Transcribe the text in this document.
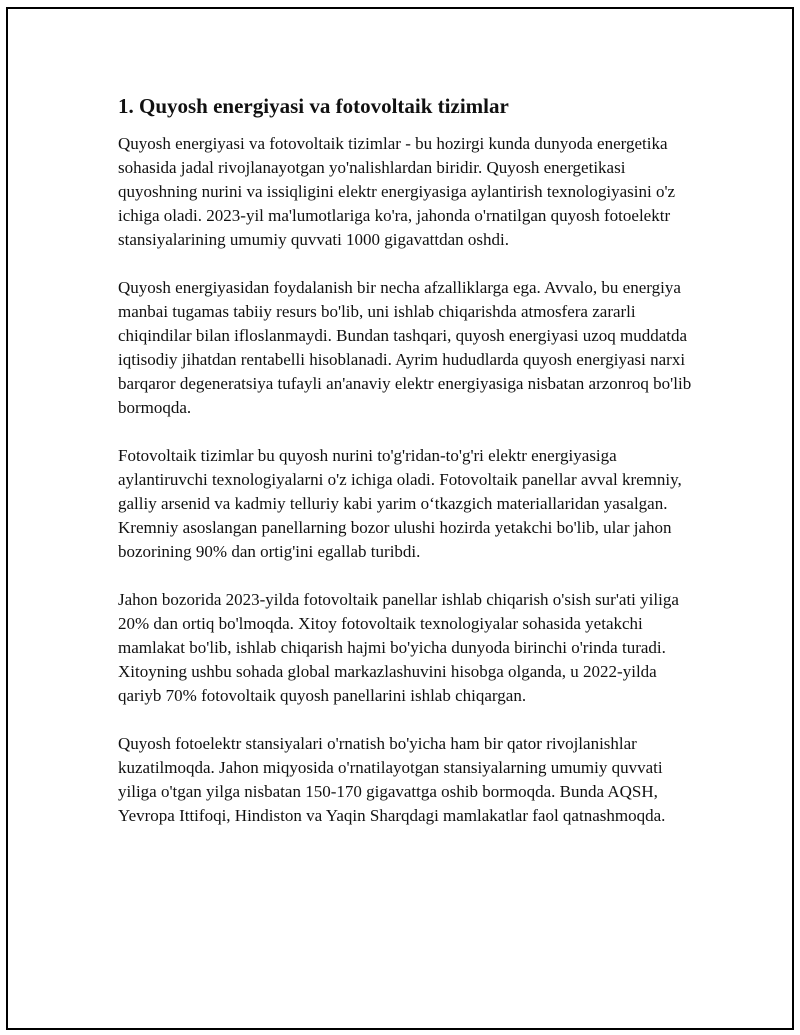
1. Quyosh energiyasi va fotovoltaik tizimlar

Quyosh energiyasi va fotovoltaik tizimlar - bu hozirgi kunda dunyoda energetika sohasida jadal rivojlanayotgan yo'nalishlardan biridir. Quyosh energetikasi quyoshning nurini va issiqligini elektr energiyasiga aylantirish texnologiyasini o'z ichiga oladi. 2023-yil ma'lumotlariga ko'ra, jahonda o'rnatilgan quyosh fotoelektr stansiyalarining umumiy quvvati 1000 gigavattdan oshdi.

Quyosh energiyasidan foydalanish bir necha afzalliklarga ega. Avvalo, bu energiya manbai tugamas tabiiy resurs bo'lib, uni ishlab chiqarishda atmosfera zararli chiqindilar bilan ifloslanmaydi. Bundan tashqari, quyosh energiyasi uzoq muddatda iqtisodiy jihatdan rentabelli hisoblanadi. Ayrim hududlarda quyosh energiyasi narxi barqaror degeneratsiya tufayli an'anaviy elektr energiyasiga nisbatan arzonroq bo'lib bormoqda.

Fotovoltaik tizimlar bu quyosh nurini to'g'ridan-to'g'ri elektr energiyasiga aylantiruvchi texnologiyalarni o'z ichiga oladi. Fotovoltaik panellar avval kremniy, galliy arsenid va kadmiy telluriy kabi yarim o‘tkazgich materiallaridan yasalgan. Kremniy asoslangan panellarning bozor ulushi hozirda yetakchi bo'lib, ular jahon bozorining 90% dan ortig'ini egallab turibdi.

Jahon bozorida 2023-yilda fotovoltaik panellar ishlab chiqarish o'sish sur'ati yiliga 20% dan ortiq bo'lmoqda. Xitoy fotovoltaik texnologiyalar sohasida yetakchi mamlakat bo'lib, ishlab chiqarish hajmi bo'yicha dunyoda birinchi o'rinda turadi. Xitoyning ushbu sohada global markazlashuvini hisobga olganda, u 2022-yilda qariyb 70% fotovoltaik quyosh panellarini ishlab chiqargan.

Quyosh fotoelektr stansiyalari o'rnatish bo'yicha ham bir qator rivojlanishlar kuzatilmoqda. Jahon miqyosida o'rnatilayotgan stansiyalarning umumiy quvvati yiliga o'tgan yilga nisbatan 150-170 gigavattga oshib bormoqda. Bunda AQSH, Yevropa Ittifoqi, Hindiston va Yaqin Sharqdagi mamlakatlar faol qatnashmoqda.
